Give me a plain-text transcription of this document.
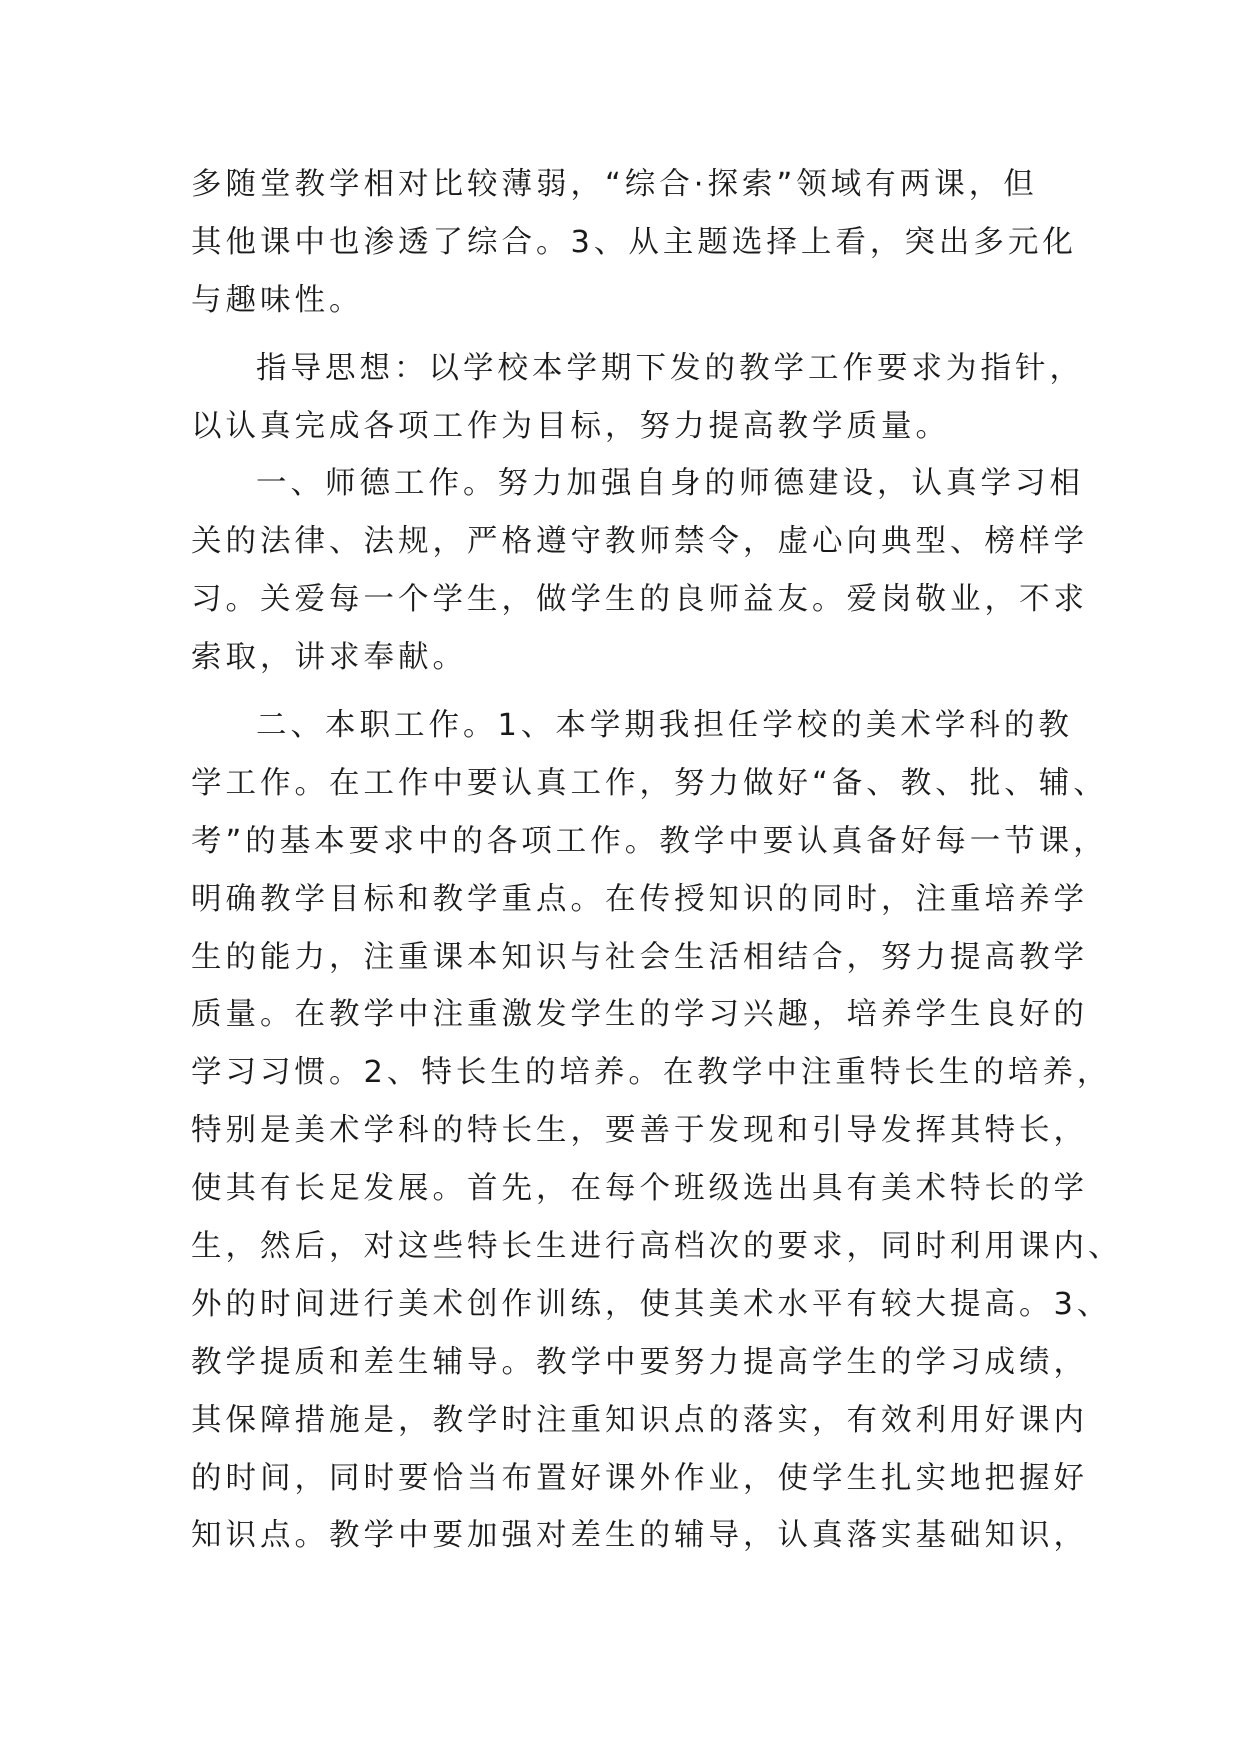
多随堂教学相对比较薄弱，“综合·探索”领域有两课，但
其他课中也渗透了综合。3、从主题选择上看，突出多元化
与趣味性。
指导思想：以学校本学期下发的教学工作要求为指针，
以认真完成各项工作为目标，努力提高教学质量。
一、师德工作。努力加强自身的师德建设，认真学习相
关的法律、法规，严格遵守教师禁令，虚心向典型、榜样学
习。关爱每一个学生，做学生的良师益友。爱岗敬业，不求
索取，讲求奉献。
二、本职工作。1、本学期我担任学校的美术学科的教
学工作。在工作中要认真工作，努力做好“备、教、批、辅、
考”的基本要求中的各项工作。教学中要认真备好每一节课，
明确教学目标和教学重点。在传授知识的同时，注重培养学
生的能力，注重课本知识与社会生活相结合，努力提高教学
质量。在教学中注重激发学生的学习兴趣，培养学生良好的
学习习惯。2、特长生的培养。在教学中注重特长生的培养，
特别是美术学科的特长生，要善于发现和引导发挥其特长，
使其有长足发展。首先，在每个班级选出具有美术特长的学
生，然后，对这些特长生进行高档次的要求，同时利用课内、
外的时间进行美术创作训练，使其美术水平有较大提高。3、
教学提质和差生辅导。教学中要努力提高学生的学习成绩，
其保障措施是，教学时注重知识点的落实，有效利用好课内
的时间，同时要恰当布置好课外作业，使学生扎实地把握好
知识点。教学中要加强对差生的辅导，认真落实基础知识，
